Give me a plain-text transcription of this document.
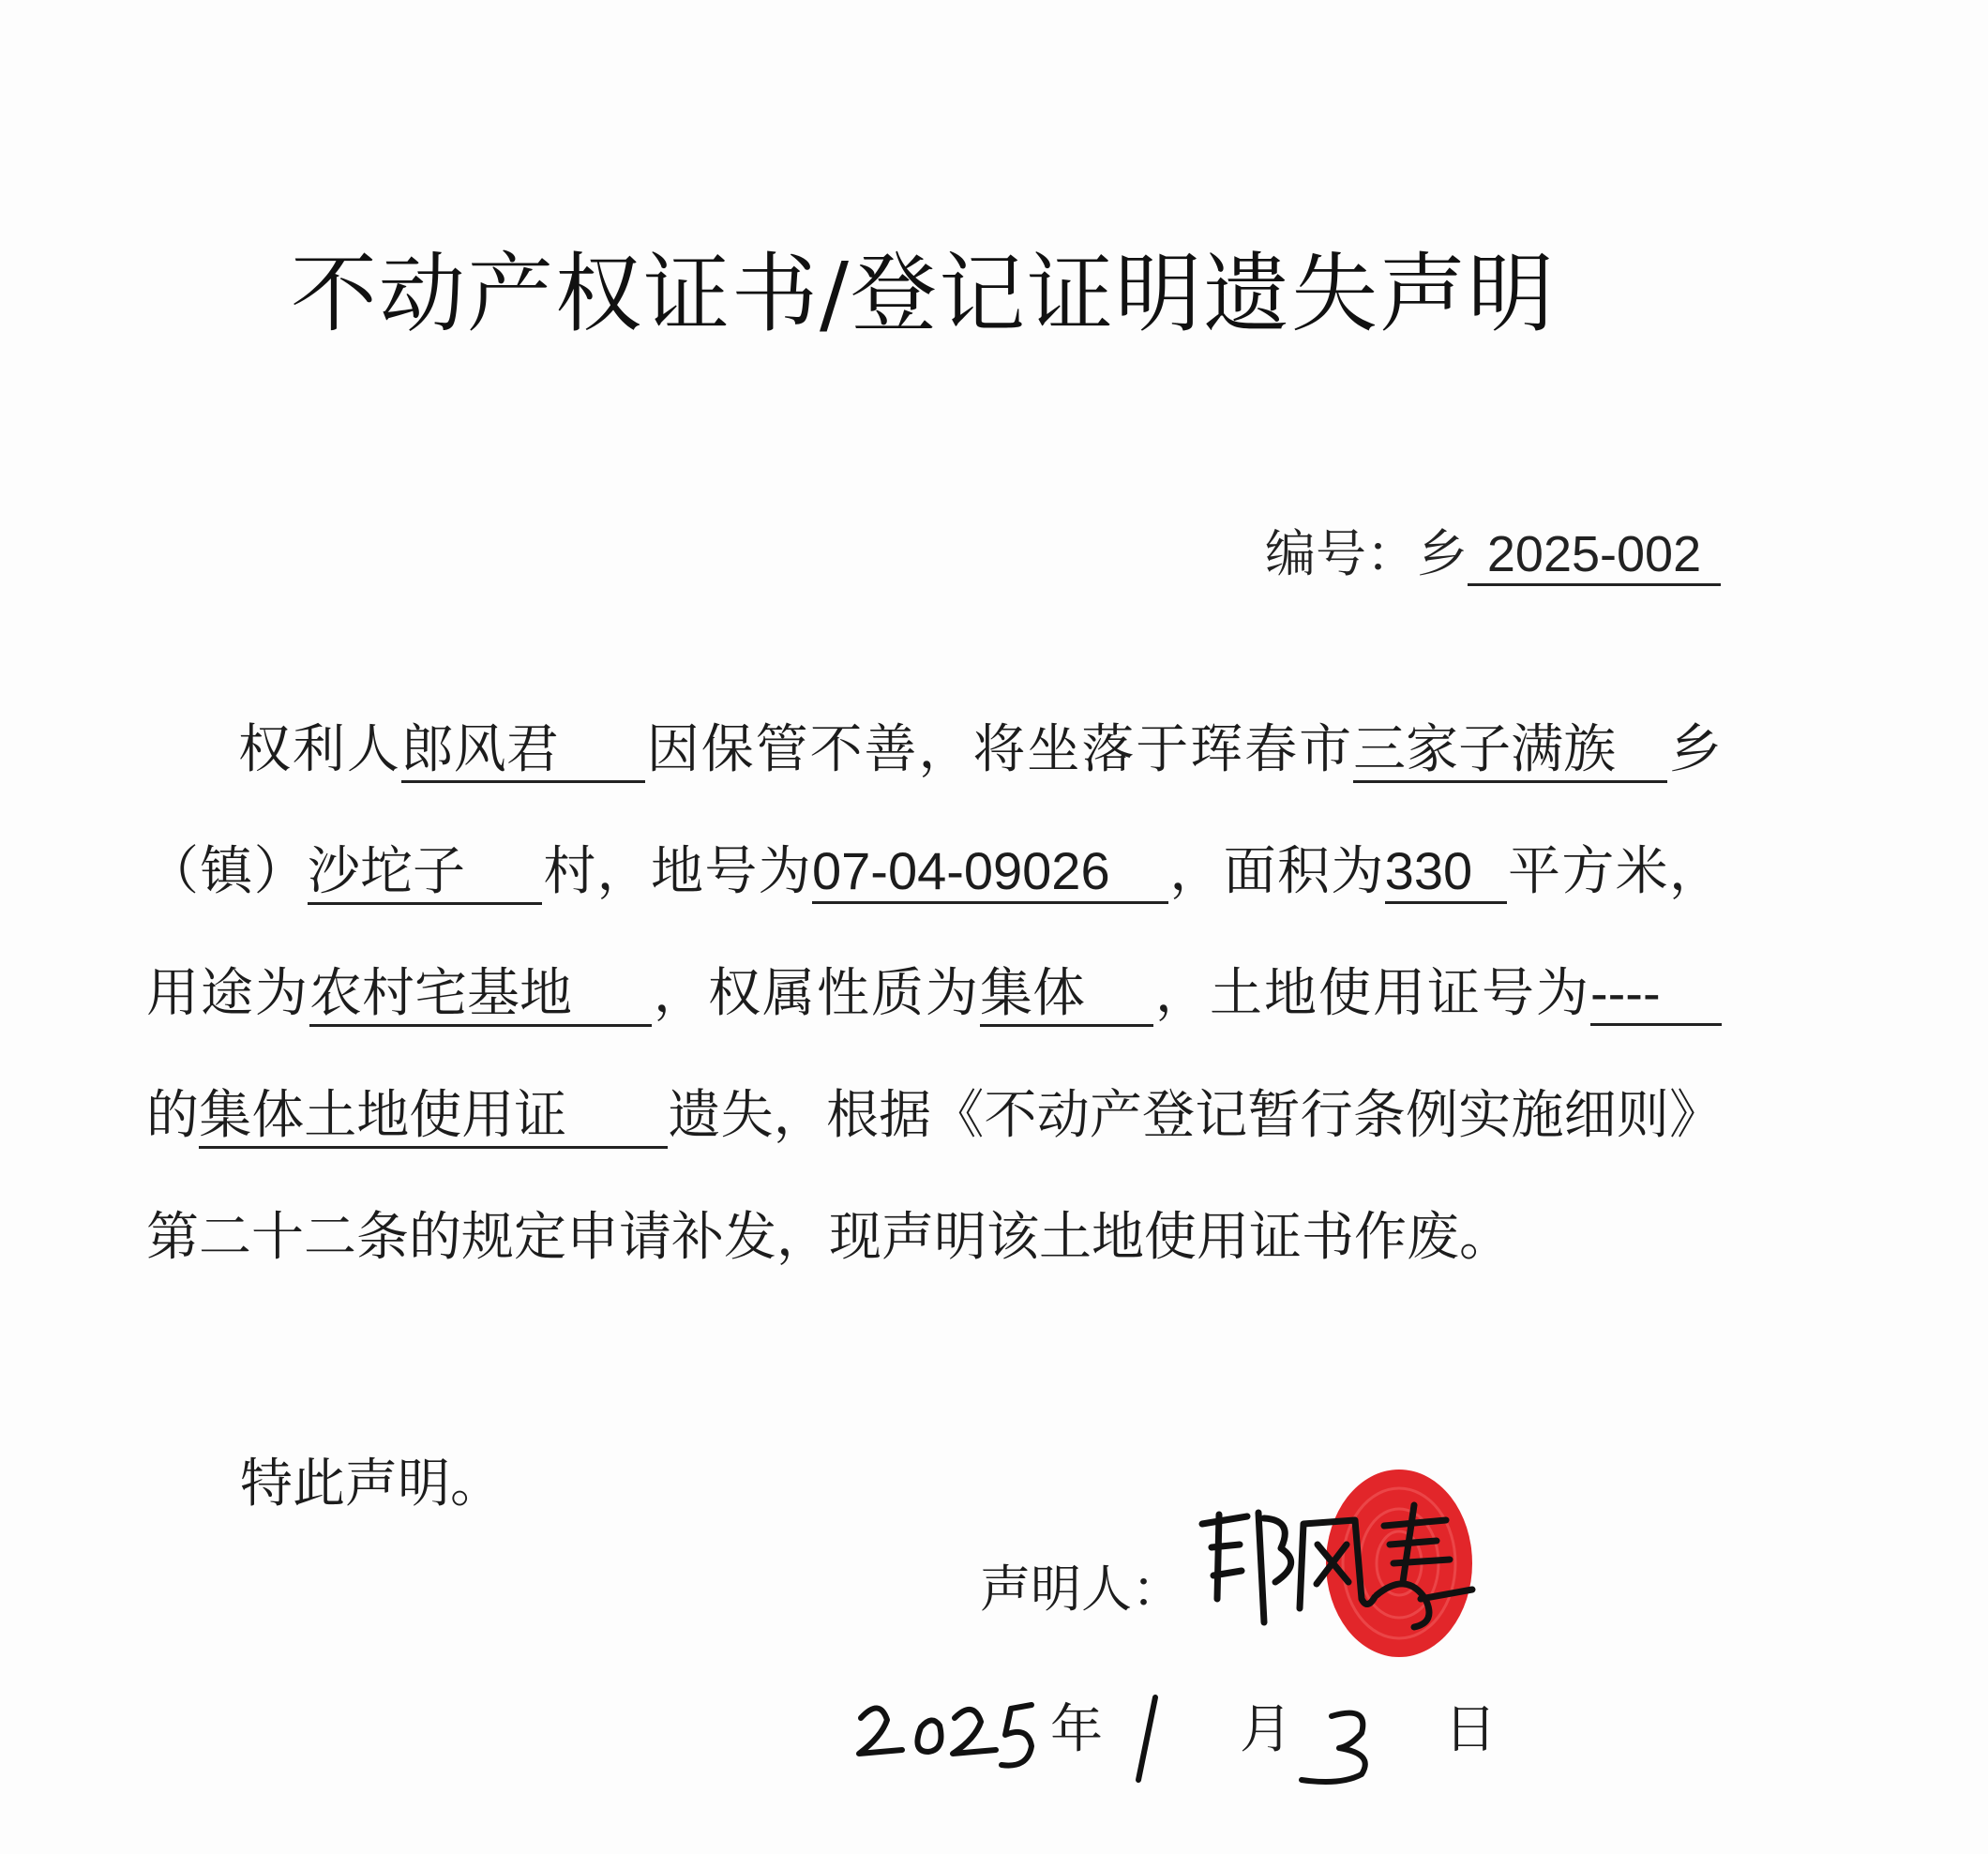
不动产权证书/登记证明遗失声明
编号：乡 2025-002
权利人郎风君 因保管不善，将坐落于珲春市三家子满族 乡（镇）沙坨子 村，地号为07-04-09026 ，面积为330 平方米，用途为农村宅基地 ，权属性质为集体 ，土地使用证号为----的集体土地使用证 遗失，根据《不动产登记暂行条例实施细则》第二十二条的规定申请补发，现声明该土地使用证书作废。
特此声明。
声明人：
年	月	日
